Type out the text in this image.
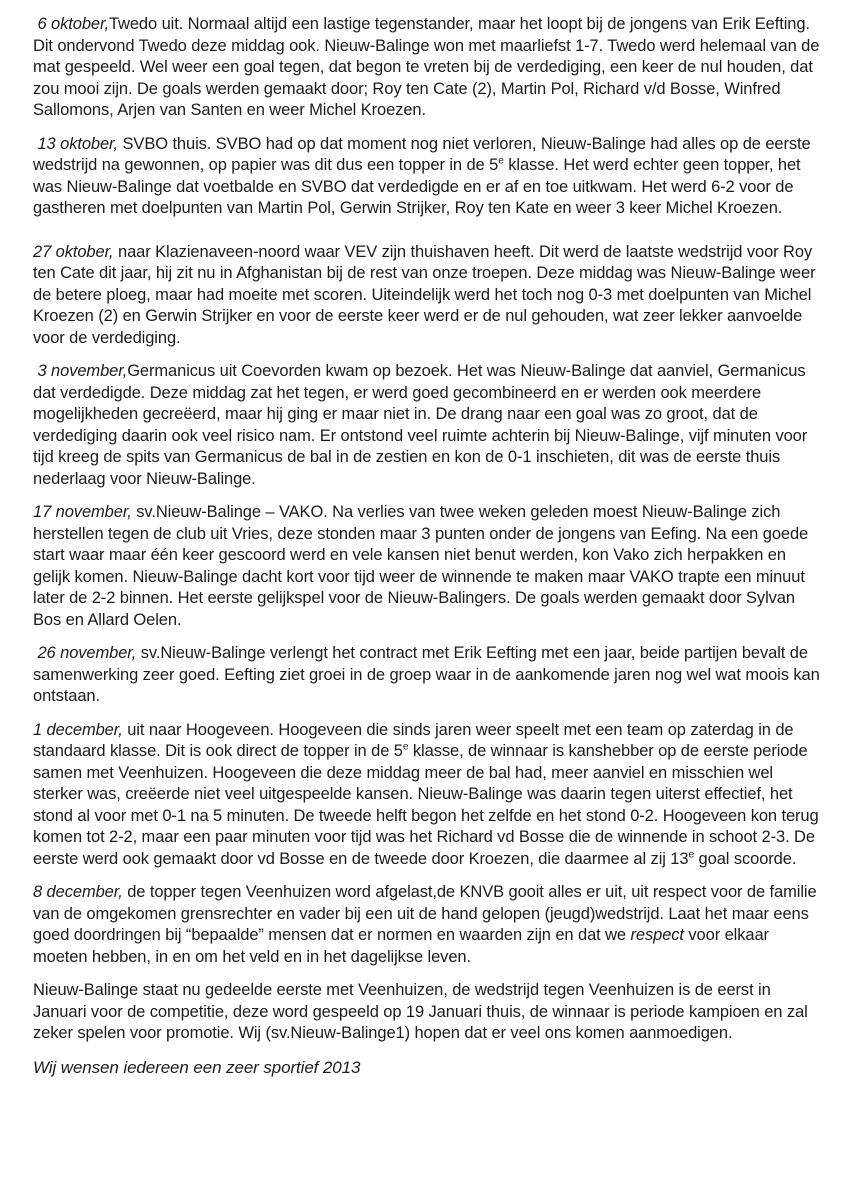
6 oktober,Twedo uit. Normaal altijd een lastige tegenstander, maar het loopt bij de jongens van Erik Eefting. Dit ondervond Twedo deze middag ook. Nieuw-Balinge won met maarliefst 1-7. Twedo werd helemaal van de mat gespeeld. Wel weer een goal tegen, dat begon te vreten bij de verdediging, een keer de nul houden, dat zou mooi zijn. De goals werden gemaakt door; Roy ten Cate (2), Martin Pol, Richard v/d Bosse, Winfred Sallomons, Arjen van Santen en weer Michel Kroezen.

13 oktober, SVBO thuis. SVBO had op dat moment nog niet verloren, Nieuw-Balinge had alles op de eerste wedstrijd na gewonnen, op papier was dit dus een topper in de 5e klasse. Het werd echter geen topper, het was Nieuw-Balinge dat voetbalde en SVBO dat verdedigde en er af en toe uitkwam. Het werd 6-2 voor de gastheren met doelpunten van Martin Pol, Gerwin Strijker, Roy ten Kate en weer 3 keer Michel Kroezen.

27 oktober, naar Klazienaveen-noord waar VEV zijn thuishaven heeft. Dit werd de laatste wedstrijd voor Roy ten Cate dit jaar, hij zit nu in Afghanistan bij de rest van onze troepen. Deze middag was Nieuw-Balinge weer de betere ploeg, maar had moeite met scoren. Uiteindelijk werd het toch nog 0-3 met doelpunten van Michel Kroezen (2) en Gerwin Strijker en voor de eerste keer werd er de nul gehouden, wat zeer lekker aanvoelde voor de verdediging.

3 november,Germanicus uit Coevorden kwam op bezoek. Het was Nieuw-Balinge dat aanviel, Germanicus dat verdedigde. Deze middag zat het tegen, er werd goed gecombineerd en er werden ook meerdere mogelijkheden gecreëerd, maar hij ging er maar niet in. De drang naar een goal was zo groot, dat de verdediging daarin ook veel risico nam. Er ontstond veel ruimte achterin bij Nieuw-Balinge, vijf minuten voor tijd kreeg de spits van Germanicus de bal in de zestien en kon de 0-1 inschieten, dit was de eerste thuis nederlaag voor Nieuw-Balinge.

17 november, sv.Nieuw-Balinge – VAKO. Na verlies van twee weken geleden moest Nieuw-Balinge zich herstellen tegen de club uit Vries, deze stonden maar 3 punten onder de jongens van Eefing. Na een goede start waar maar één keer gescoord werd en vele kansen niet benut werden, kon Vako zich herpakken en gelijk komen. Nieuw-Balinge dacht kort voor tijd weer de winnende te maken maar VAKO trapte een minuut later de 2-2 binnen. Het eerste gelijkspel voor de Nieuw-Balingers. De goals werden gemaakt door Sylvan Bos en Allard Oelen.

26 november, sv.Nieuw-Balinge verlengt het contract met Erik Eefting met een jaar, beide partijen bevalt de samenwerking zeer goed. Eefting ziet groei in de groep waar in de aankomende jaren nog wel wat moois kan ontstaan.

1 december, uit naar Hoogeveen. Hoogeveen die sinds jaren weer speelt met een team op zaterdag in de standaard klasse. Dit is ook direct de topper in de 5e klasse, de winnaar is kanshebber op de eerste periode samen met Veenhuizen. Hoogeveen die deze middag meer de bal had, meer aanviel en misschien wel sterker was, creëerde niet veel uitgespeelde kansen. Nieuw-Balinge was daarin tegen uiterst effectief, het stond al voor met 0-1 na 5 minuten. De tweede helft begon het zelfde en het stond 0-2. Hoogeveen kon terug komen tot 2-2, maar een paar minuten voor tijd was het Richard vd Bosse die de winnende in schoot 2-3. De eerste werd ook gemaakt door vd Bosse en de tweede door Kroezen, die daarmee al zij 13e goal scoorde.

8 december, de topper tegen Veenhuizen word afgelast,de KNVB gooit alles er uit, uit respect voor de familie van de omgekomen grensrechter en vader bij een uit de hand gelopen (jeugd)wedstrijd. Laat het maar eens goed doordringen bij “bepaalde” mensen dat er normen en waarden zijn en dat we respect voor elkaar moeten hebben, in en om het veld en in het dagelijkse leven.

Nieuw-Balinge staat nu gedeelde eerste met Veenhuizen, de wedstrijd tegen Veenhuizen is de eerst in Januari voor de competitie, deze word gespeeld op 19 Januari thuis, de winnaar is periode kampioen en zal zeker spelen voor promotie. Wij (sv.Nieuw-Balinge1) hopen dat er veel ons komen aanmoedigen.

Wij wensen iedereen een zeer sportief 2013
